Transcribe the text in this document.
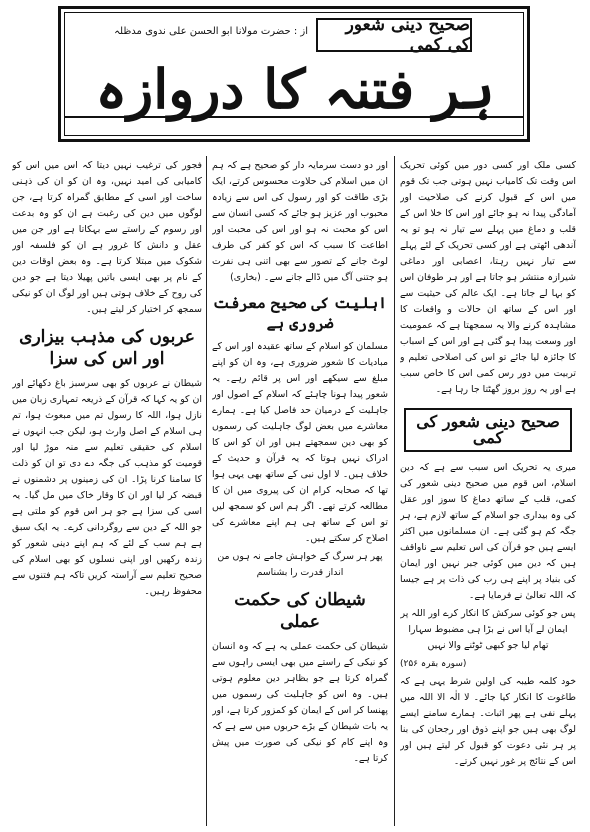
صحیح دینی شعور کی کمی
از : حضرت مولانا ابو الحسن علی ندوی مدظلہ
ہر فتنہ کا دروازہ

کسی ملک اور کسی دور میں کوئی تحریک اس وقت تک کامیاب نہیں ہوتی جب تک قوم میں اس کے قبول کرنے کی صلاحیت اور آمادگی پیدا نہ ہو جائے اور اس کا خلا اس کے قلب و دماغ میں پہلے سے تیار نہ ہو تو یہ آندھی اٹھتی ہے اور کسی تحریک کے لئے پہلے سے تیار نہیں رہتا، اعصابی اور دماغی شیرازہ منتشر ہو جاتا ہے اور ہر طوفان اس کو بہا لے جاتا ہے۔ ایک عالم کی حیثیت سے اور اس کے ساتھ ان حالات و واقعات کا مشاہدہ کرنے والا یہ سمجھتا ہے کہ عمومیت اور وسعت پیدا ہو گئی ہے اور اس کے اسباب کا جائزہ لیا جائے تو اس کی اصلاحی تعلیم و تربیت میں دور رس کمی اس کا خاص سبب ہے اور یہ روز بروز گھٹتا جا رہا ہے۔

صحیح دینی شعور کی کمی

میری یہ تحریک اس سبب سے ہے کہ دین اسلام، اس قوم میں صحیح دینی شعور کی کمی، قلب کے ساتھ دماغ کا سوز اور عقل کی وہ بیداری جو اسلام کے ساتھ لازم ہے، ہر جگہ کم ہو گئی ہے۔ ان مسلمانوں میں اکثر ایسے ہیں جو قرآن کی اس تعلیم سے ناواقف ہیں کہ دین میں کوئی جبر نہیں اور ایمان کی بنیاد پر اپنے ہی رب کی ذات پر ہے جیسا کہ اللہ تعالیٰ نے فرمایا ہے۔

پس جو کوئی سرکش کا انکار کرے اور اللہ پر ایمان لے آیا اس نے بڑا ہی مضبوط سہارا تھام لیا جو کبھی ٹوٹنے والا نہیں

(سورہ بقرہ ۲۵۶)

خود کلمہ طیبہ کی اولین شرط یہی ہے کہ طاغوت کا انکار کیا جائے۔ لا الٰہ الا اللہ میں پہلے نفی ہے پھر اثبات۔ ہمارے سامنے ایسے لوگ بھی ہیں جو اپنے ذوق اور رجحان کی بنا پر ہر نئی دعوت کو قبول کر لیتے ہیں اور اس کے نتائج پر غور نہیں کرتے۔

اور دو دست سرمایہ دار کو صحیح ہے کہ ہم ان میں اسلام کی حلاوت محسوس کرتے، ایک بڑی طاقت کو اور رسول کی اس سے زیادہ محبوب اور عزیز ہو جائے کہ کسی انسان سے اس کو محبت نہ ہو اور اس کی محبت اور اطاعت کا سبب کہ اس کو کفر کی طرف لوٹ جانے کے تصور سے بھی اتنی ہی نفرت ہو جتنی آگ میں ڈالے جانے سے۔ (بخاری)

اہلیت کی صحیح معرفت ضروری ہے

مسلمان کو اسلام کے ساتھ عقیدہ اور اس کے مبادیات کا شعور ضروری ہے، وہ ان کو اپنے مبلغ سے سیکھے اور اس پر قائم رہے۔ یہ شعور پیدا ہونا چاہئے کہ اسلام کے اصول اور جاہلیت کے درمیان حد فاصل کیا ہے۔ ہمارے معاشرے میں بعض لوگ جاہلیت کی رسموں کو بھی دین سمجھتے ہیں اور ان کو اس کا ادراک نہیں ہوتا کہ یہ قرآن و حدیث کے خلاف ہیں۔ لا اول نبی کے ساتھ بھی یہی ہوا تھا کہ صحابہ کرام ان کی پیروی میں ان کا مطالعہ کرتے تھے۔ اگر ہم اس کو سمجھ لیں تو اس کے ساتھ ہی ہم اپنے معاشرے کی اصلاح کر سکتے ہیں۔

پھر ہر سرگ کے خواہش جامے نہ ہوں من انداز قدرت را بشناسم

شیطان کی حکمت عملی

شیطان کی حکمت عملی یہ ہے کہ وہ انسان کو نیکی کے راستے میں بھی ایسی راہوں سے گمراہ کرتا ہے جو بظاہر دین معلوم ہوتی ہیں۔ وہ اس کو جاہلیت کی رسموں میں پھنسا کر اس کے ایمان کو کمزور کرتا ہے، اور یہ بات شیطان کے بڑے حربوں میں سے ہے کہ وہ اپنے کام کو نیکی کی صورت میں پیش کرتا ہے۔

فجور کی ترغیب نہیں دیتا کہ اس میں اس کو کامیابی کی امید نہیں، وہ ان کو ان کی ذہنی ساخت اور اسی کے مطابق گمراہ کرتا ہے، جن لوگوں میں دین کی رغبت ہے ان کو وہ بدعت اور رسوم کے راستے سے بہکاتا ہے اور جن میں عقل و دانش کا غرور ہے ان کو فلسفہ اور شکوک میں مبتلا کرتا ہے۔ وہ بعض اوقات دین کے نام پر بھی ایسی باتیں پھیلا دیتا ہے جو دین کی روح کے خلاف ہوتی ہیں اور لوگ ان کو نیکی سمجھ کر اختیار کر لیتے ہیں۔

عربوں کی مذہب بیزاری اور اس کی سزا

شیطان نے عربوں کو بھی سرسبز باغ دکھائے اور ان کو یہ کہا کہ قرآن کے ذریعہ تمہاری زبان میں نازل ہوا، اللہ کا رسول تم میں مبعوث ہوا، تم ہی اسلام کے اصل وارث ہو، لیکن جب انہوں نے اسلام کی حقیقی تعلیم سے منہ موڑ لیا اور قومیت کو مذہب کی جگہ دے دی تو ان کو ذلت کا سامنا کرنا پڑا۔ ان کی زمینوں پر دشمنوں نے قبضہ کر لیا اور ان کا وقار خاک میں مل گیا۔ یہ اسی کی سزا ہے جو ہر اس قوم کو ملتی ہے جو اللہ کے دین سے روگردانی کرے۔ یہ ایک سبق ہے ہم سب کے لئے کہ ہم اپنے دینی شعور کو زندہ رکھیں اور اپنی نسلوں کو بھی اسلام کی صحیح تعلیم سے آراستہ کریں تاکہ ہم فتنوں سے محفوظ رہیں۔
